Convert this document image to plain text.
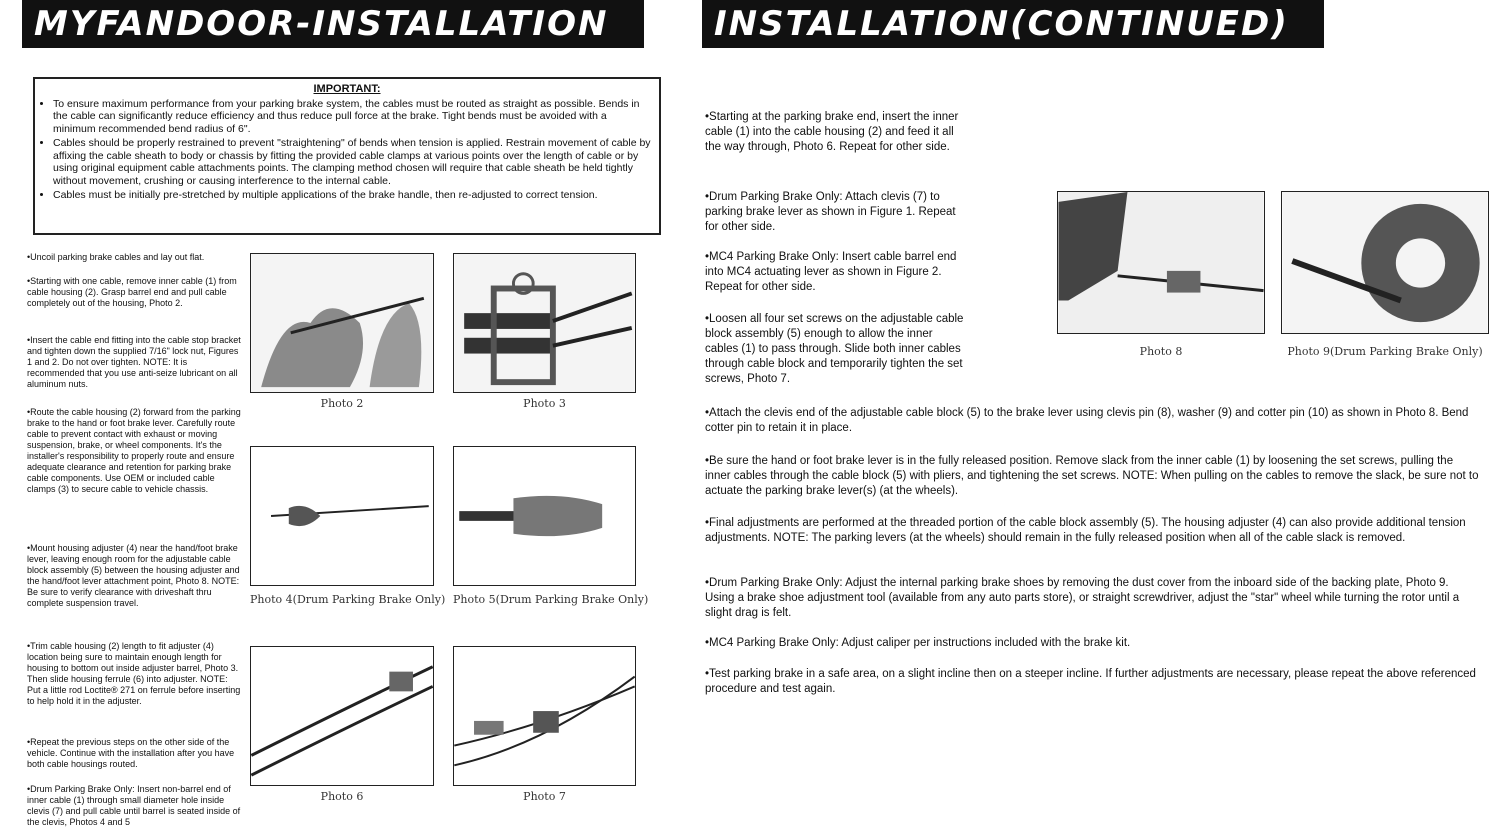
MYFANDOOR-INSTALLATION	INSTALLATION(CONTINUED)
IMPORTANT:
• To ensure maximum performance from your parking brake system, the cables must be routed as straight as possible. Bends in the cable can significantly reduce efficiency and thus reduce pull force at the brake. Tight bends must be avoided with a minimum recommended bend radius of 6".
• Cables should be properly restrained to prevent "straightening" of bends when tension is applied. Restrain movement of cable by affixing the cable sheath to body or chassis by fitting the provided cable clamps at various points over the length of cable or by using original equipment cable attachments points. The clamping method chosen will require that cable sheath be held tightly without movement, crushing or causing interference to the internal cable.
• Cables must be initially pre-stretched by multiple applications of the brake handle, then re-adjusted to correct tension.

•Uncoil parking brake cables and lay out flat.

•Starting with one cable, remove inner cable (1) from cable housing (2). Grasp barrel end and pull cable completely out of the housing, Photo 2.

•Insert the cable end fitting into the cable stop bracket and tighten down the supplied 7/16" lock nut, Figures 1 and 2. Do not over tighten. NOTE: It is recommended that you use anti-seize lubricant on all aluminum nuts.

•Route the cable housing (2) forward from the parking brake to the hand or foot brake lever. Carefully route cable to prevent contact with exhaust or moving suspension, brake, or wheel components. It's the installer's responsibility to properly route and ensure adequate clearance and retention for parking brake cable components. Use OEM or included cable clamps (3) to secure cable to vehicle chassis.

•Mount housing adjuster (4) near the hand/foot brake lever, leaving enough room for the adjustable cable block assembly (5) between the housing adjuster and the hand/foot lever attachment point, Photo 8. NOTE: Be sure to verify clearance with driveshaft thru complete suspension travel.

•Trim cable housing (2) length to fit adjuster (4) location being sure to maintain enough length for housing to bottom out inside adjuster barrel, Photo 3. Then slide housing ferrule (6) into adjuster. NOTE: Put a little rod Loctite® 271 on ferrule before inserting to help hold it in the adjuster.

•Repeat the previous steps on the other side of the vehicle. Continue with the installation after you have both cable housings routed.

•Drum Parking Brake Only: Insert non-barrel end of inner cable (1) through small diameter hole inside clevis (7) and pull cable until barrel is seated inside of the clevis, Photos 4 and 5

Photo 2	Photo 3
Photo 4(Drum Parking Brake Only) Photo 5(Drum Parking Brake Only)
Photo 6	Photo 7

•Starting at the parking brake end, insert the inner cable (1) into the cable housing (2) and feed it all the way through, Photo 6. Repeat for other side.

•Drum Parking Brake Only: Attach clevis (7) to parking brake lever as shown in Figure 1. Repeat for other side.

•MC4 Parking Brake Only: Insert cable barrel end into MC4 actuating lever as shown in Figure 2. Repeat for other side.

•Loosen all four set screws on the adjustable cable block assembly (5) enough to allow the inner cables (1) to pass through. Slide both inner cables through cable block and temporarily tighten the set screws, Photo 7.

Photo 8	Photo 9(Drum Parking Brake Only)

•Attach the clevis end of the adjustable cable block (5) to the brake lever using clevis pin (8), washer (9) and cotter pin (10) as shown in Photo 8. Bend cotter pin to retain it in place.

•Be sure the hand or foot brake lever is in the fully released position. Remove slack from the inner cable (1) by loosening the set screws, pulling the inner cables through the cable block (5) with pliers, and tightening the set screws. NOTE: When pulling on the cables to remove the slack, be sure not to actuate the parking brake lever(s) (at the wheels).

•Final adjustments are performed at the threaded portion of the cable block assembly (5). The housing adjuster (4) can also provide additional tension adjustments. NOTE: The parking levers (at the wheels) should remain in the fully released position when all of the cable slack is removed.

•Drum Parking Brake Only: Adjust the internal parking brake shoes by removing the dust cover from the inboard side of the backing plate, Photo 9. Using a brake shoe adjustment tool (available from any auto parts store), or straight screwdriver, adjust the "star" wheel while turning the rotor until a slight drag is felt.

•MC4 Parking Brake Only: Adjust caliper per instructions included with the brake kit.

•Test parking brake in a safe area, on a slight incline then on a steeper incline. If further adjustments are necessary, please repeat the above referenced procedure and test again.
